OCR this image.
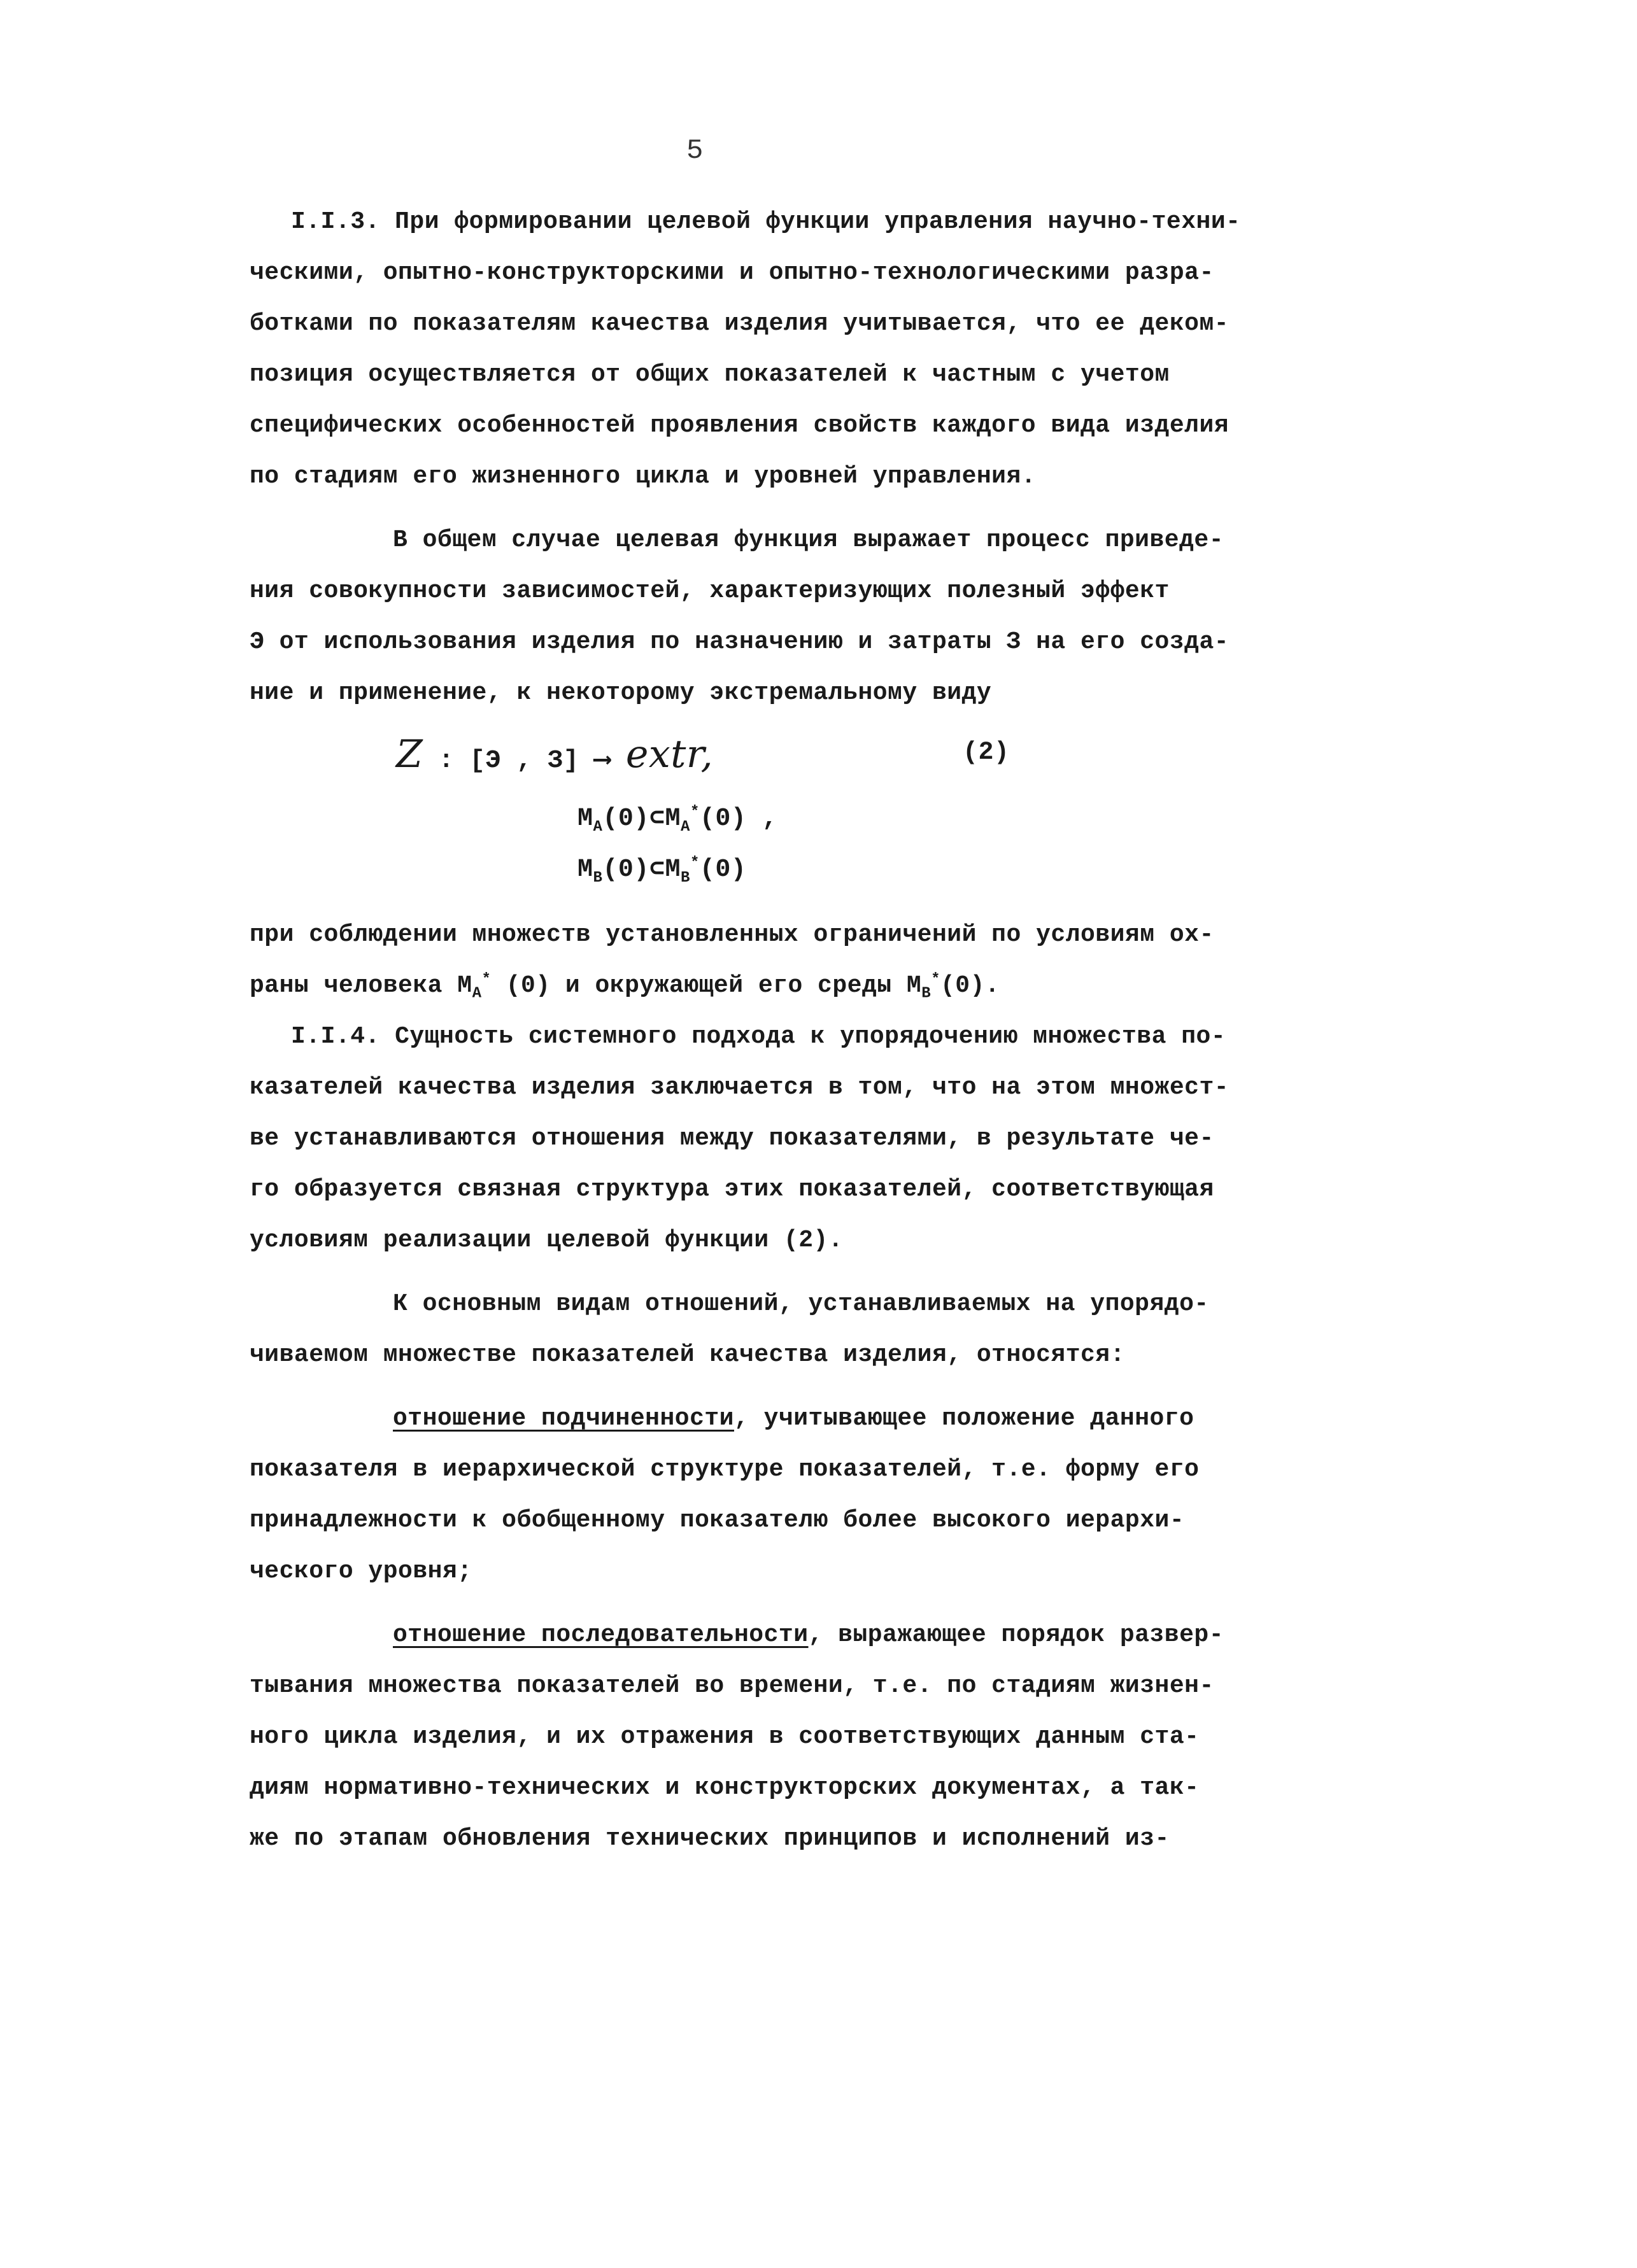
5
I.I.3. При формировании целевой функции управления научно-техни-
ческими, опытно-конструкторскими и опытно-технологическими разра-
ботками по показателям качества изделия учитывается, что ее деком-
позиция осуществляется от общих показателей к частным с учетом
специфических особенностей проявления свойств каждого вида изделия
по стадиям его жизненного цикла и уровней управления.
В общем случае целевая функция выражает процесс приведе-
ния совокупности зависимостей, характеризующих полезный эффект
Э от использования изделия по назначению и затраты З на его созда-
ние и применение, к некоторому экстремальному виду
Z : [Э , З] ⟶ extr,	(2)
$M_A(0)\subset M_A^*(0)$ ,
$M_B(0)\subset M_B^*(0)$
при соблюдении множеств установленных ограничений по условиям ох-
раны человека $M_A^*$ (0) и окружающей его среды $M_B^*(0)$.
I.I.4. Сущность системного подхода к упорядочению множества по-
казателей качества изделия заключается в том, что на этом множест-
ве устанавливаются отношения между показателями, в результате че-
го образуется связная структура этих показателей, соответствующая
условиям реализации целевой функции (2).
К основным видам отношений, устанавливаемых на упорядо-
чиваемом множестве показателей качества изделия, относятся:
отношение подчиненности, учитывающее положение данного
показателя в иерархической структуре показателей, т.е. форму его
принадлежности к обобщенному показателю более высокого иерархи-
ческого уровня;
отношение последовательности, выражающее порядок развер-
тывания множества показателей во времени, т.е. по стадиям жизнен-
ного цикла изделия, и их отражения в соответствующих данным ста-
диям нормативно-технических и конструкторских документах, а так-
же по этапам обновления технических принципов и исполнений из-
